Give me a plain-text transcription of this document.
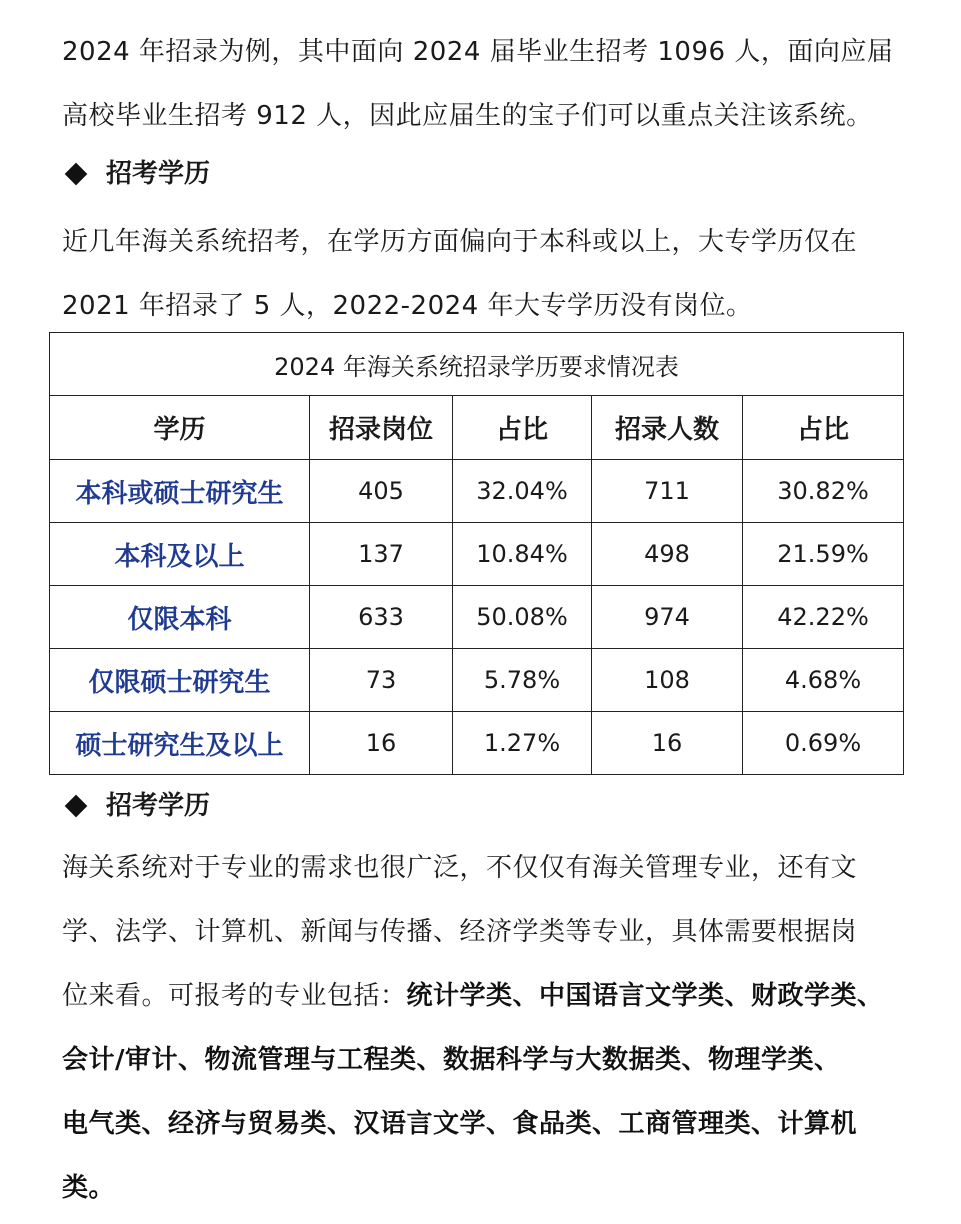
2024 年招录为例，其中面向 2024 届毕业生招考 1096 人，面向应届
高校毕业生招考 912 人，因此应届生的宝子们可以重点关注该系统。

招考学历

近几年海关系统招考，在学历方面偏向于本科或以上，大专学历仅在
2021 年招录了 5 人，2022-2024 年大专学历没有岗位。

2024 年海关系统招录学历要求情况表				
学历	招录岗位	占比	招录人数	占比
本科或硕士研究生	405	32.04%	711	30.82%
本科及以上	137	10.84%	498	21.59%
仅限本科	633	50.08%	974	42.22%
仅限硕士研究生	73	5.78%	108	4.68%
硕士研究生及以上	16	1.27%	16	0.69%
招考学历

海关系统对于专业的需求也很广泛，不仅仅有海关管理专业，还有文
学、法学、计算机、新闻与传播、经济学类等专业，具体需要根据岗
位来看。可报考的专业包括：统计学类、中国语言文学类、财政学类、
会计/审计、物流管理与工程类、数据科学与大数据类、物理学类、
电气类、经济与贸易类、汉语言文学、食品类、工商管理类、计算机
类。
